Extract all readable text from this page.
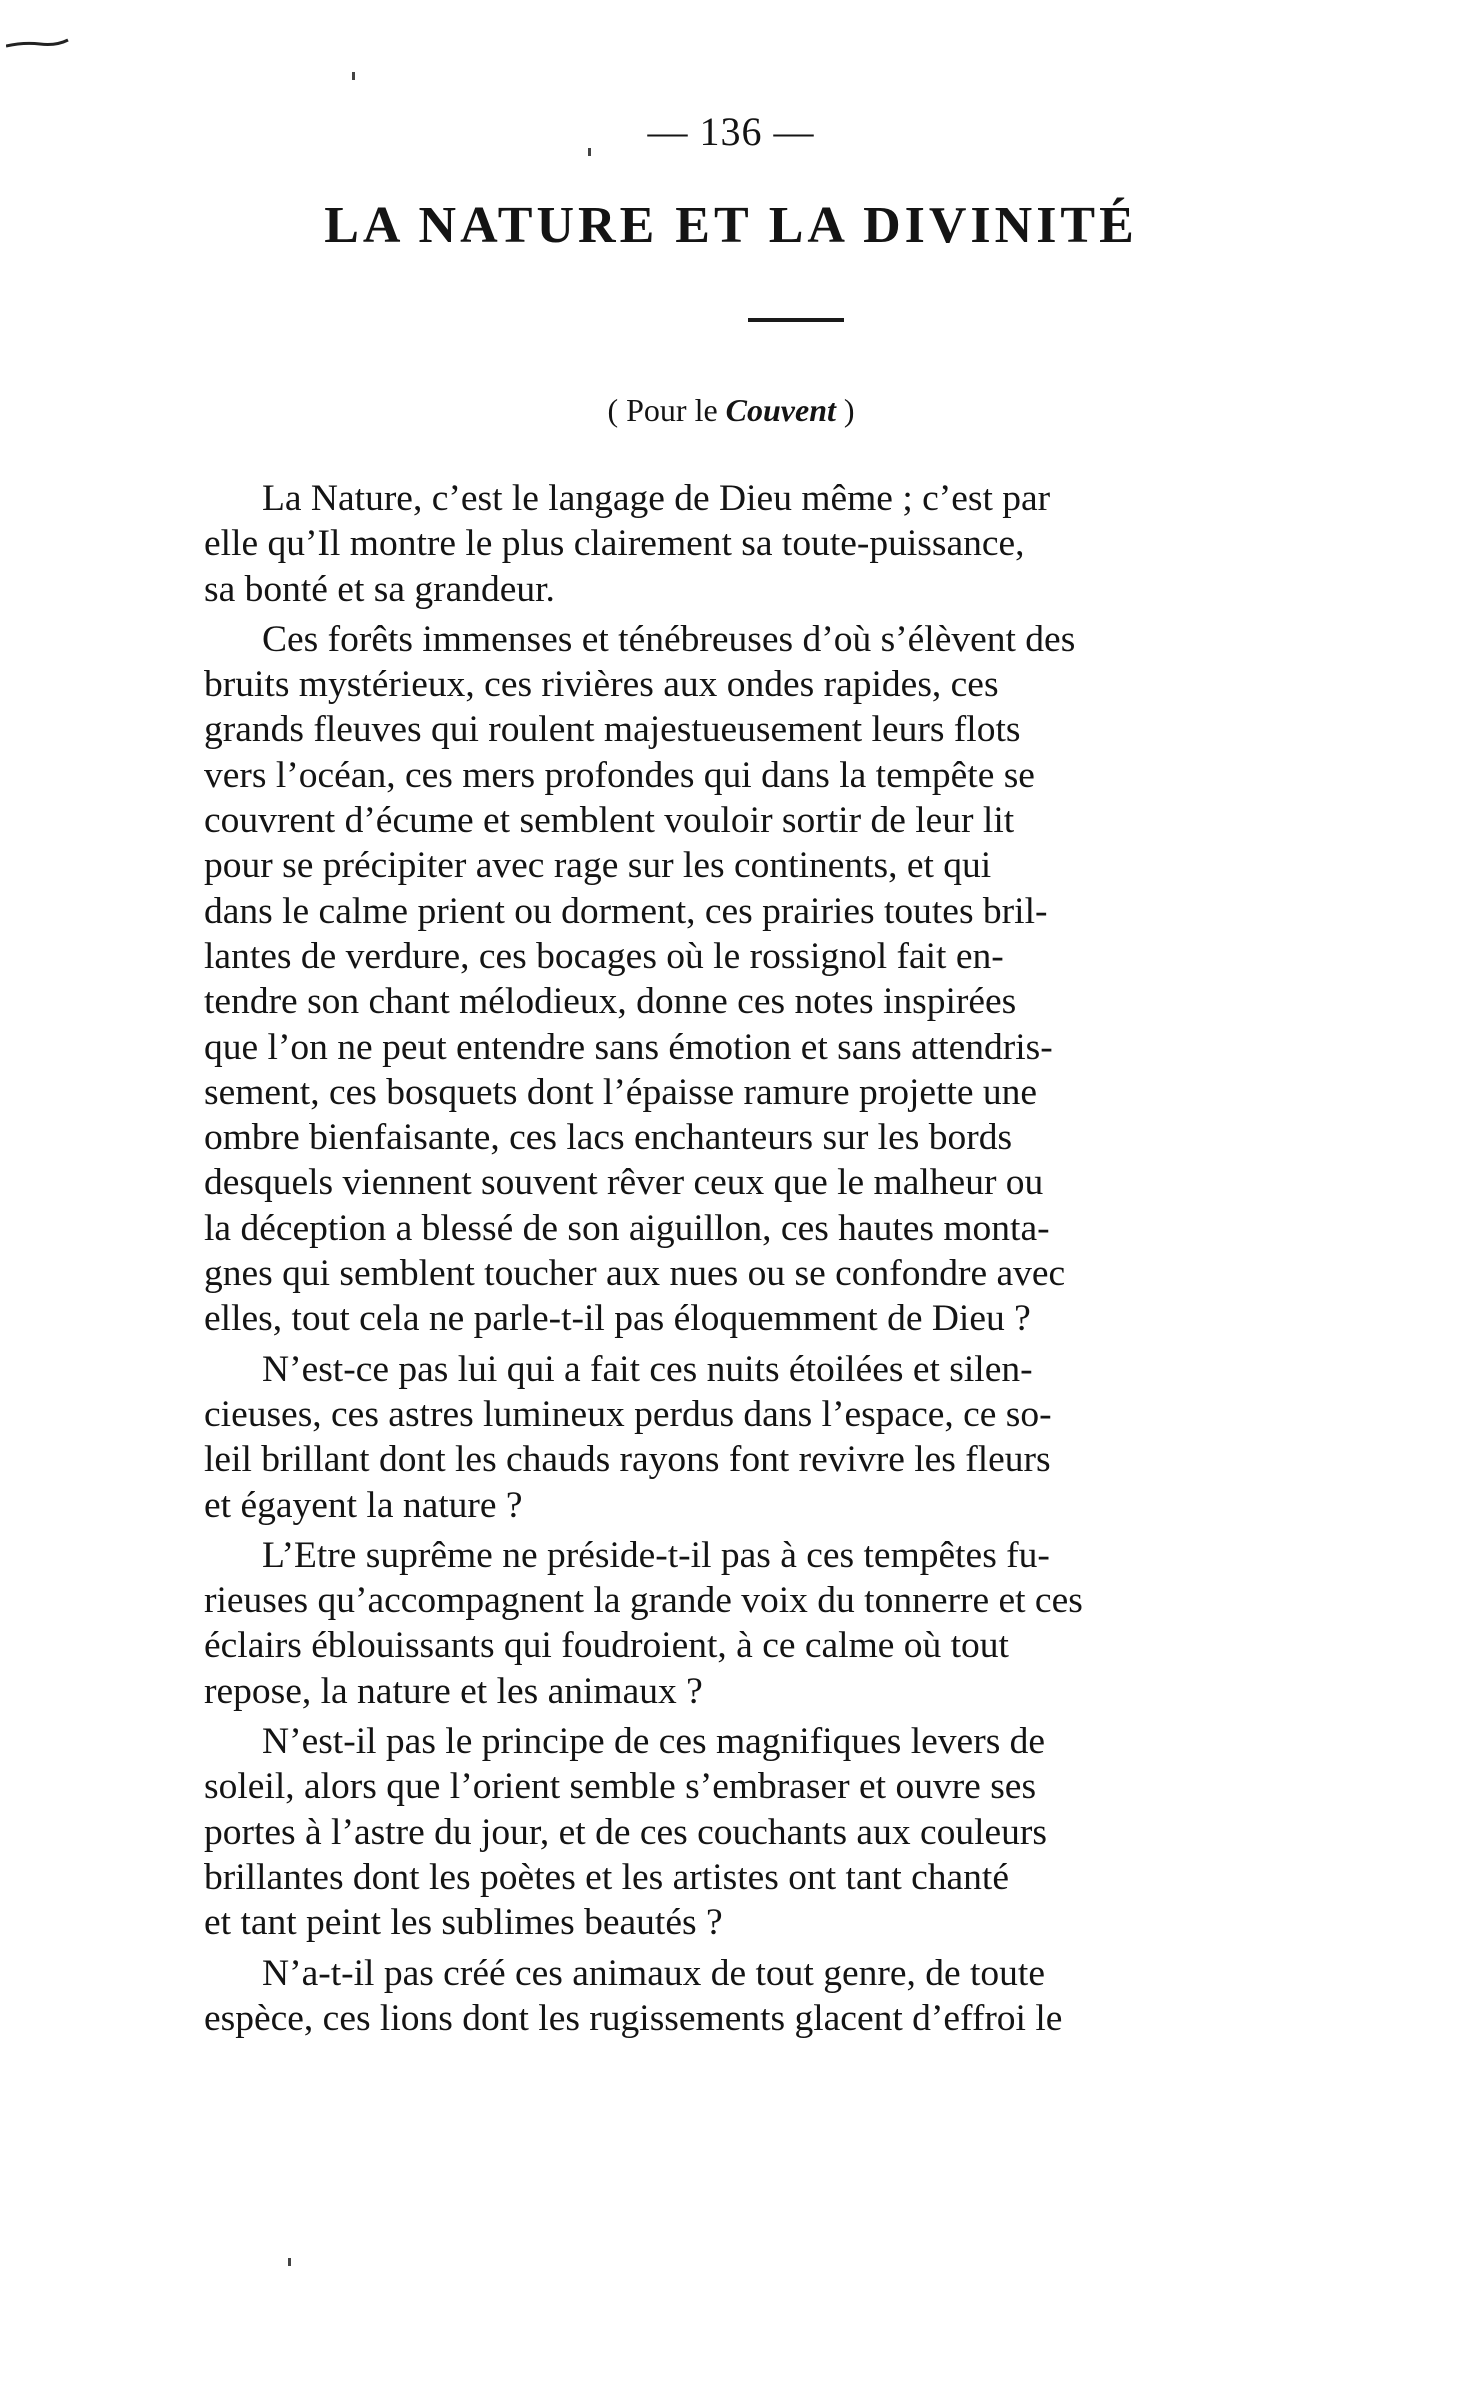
— 136 —
LA NATURE ET LA DIVINITÉ
( Pour le Couvent )
La Nature, c’est le langage de Dieu même ; c’est par
elle qu’Il montre le plus clairement sa toute-puissance,
sa bonté et sa grandeur.
Ces forêts immenses et ténébreuses d’où s’élèvent des
bruits mystérieux, ces rivières aux ondes rapides, ces
grands fleuves qui roulent majestueusement leurs flots
vers l’océan, ces mers profondes qui dans la tempête se
couvrent d’écume et semblent vouloir sortir de leur lit
pour se précipiter avec rage sur les continents, et qui
dans le calme prient ou dorment, ces prairies toutes bril-
lantes de verdure, ces bocages où le rossignol fait en-
tendre son chant mélodieux, donne ces notes inspirées
que l’on ne peut entendre sans émotion et sans attendris-
sement, ces bosquets dont l’épaisse ramure projette une
ombre bienfaisante, ces lacs enchanteurs sur les bords
desquels viennent souvent rêver ceux que le malheur ou
la déception a blessé de son aiguillon, ces hautes monta-
gnes qui semblent toucher aux nues ou se confondre avec
elles, tout cela ne parle-t-il pas éloquemment de Dieu ?
N’est-ce pas lui qui a fait ces nuits étoilées et silen-
cieuses, ces astres lumineux perdus dans l’espace, ce so-
leil brillant dont les chauds rayons font revivre les fleurs
et égayent la nature ?
L’Etre suprême ne préside-t-il pas à ces tempêtes fu-
rieuses qu’accompagnent la grande voix du tonnerre et ces
éclairs éblouissants qui foudroient, à ce calme où tout
repose, la nature et les animaux ?
N’est-il pas le principe de ces magnifiques levers de
soleil, alors que l’orient semble s’embraser et ouvre ses
portes à l’astre du jour, et de ces couchants aux couleurs
brillantes dont les poètes et les artistes ont tant chanté
et tant peint les sublimes beautés ?
N’a-t-il pas créé ces animaux de tout genre, de toute
espèce, ces lions dont les rugissements glacent d’effroi le
